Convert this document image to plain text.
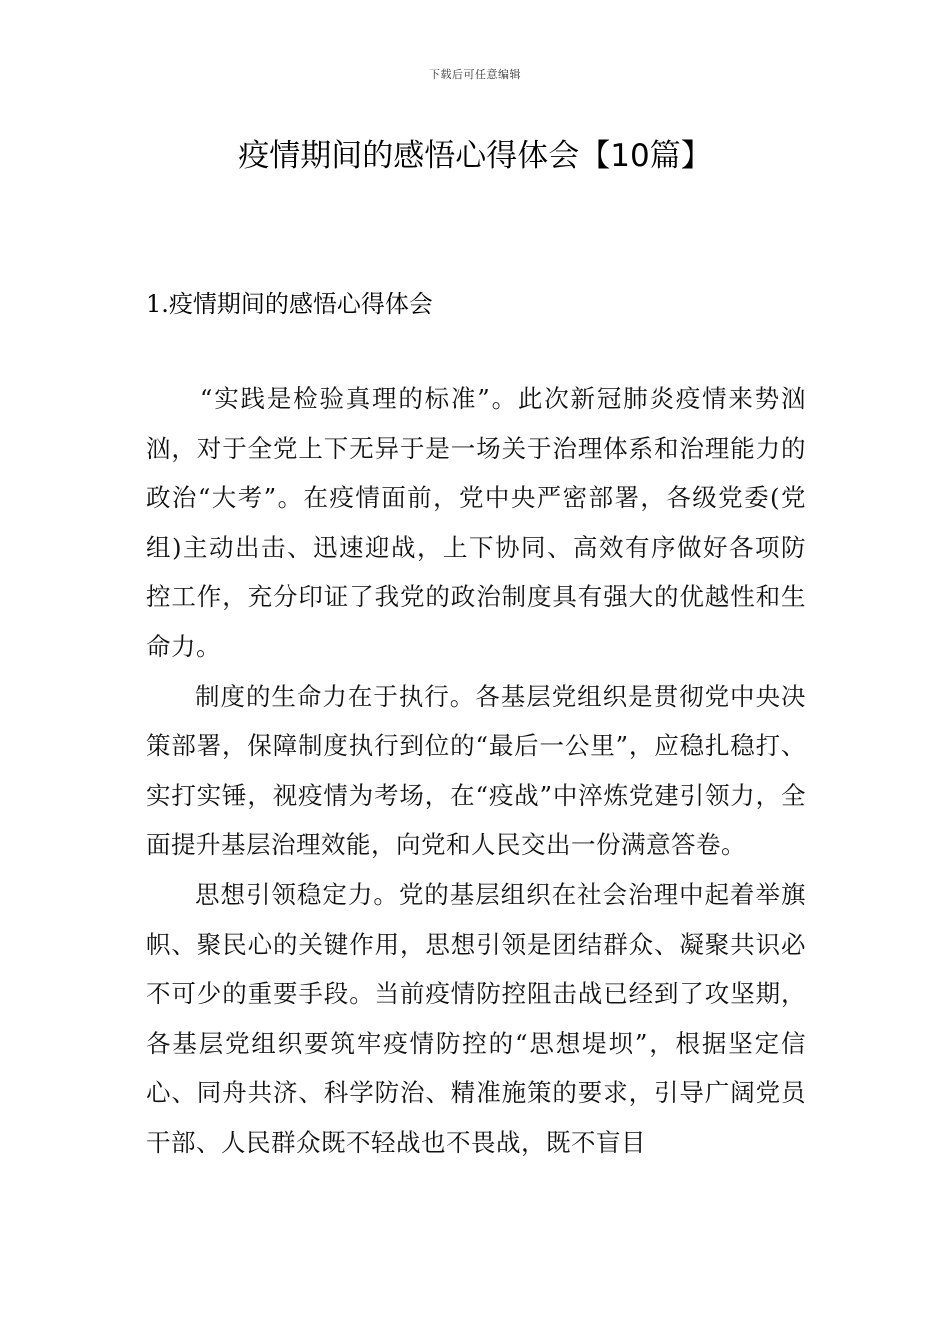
下载后可任意编辑
疫情期间的感悟心得体会【10篇】
1.疫情期间的感悟心得体会

“实践是检验真理的标准”。此次新冠肺炎疫情来势汹汹，对于全党上下无异于是一场关于治理体系和治理能力的政治“大考”。在疫情面前，党中央严密部署，各级党委(党组)主动出击、迅速迎战，上下协同、高效有序做好各项防控工作，充分印证了我党的政治制度具有强大的优越性和生命力。

制度的生命力在于执行。各基层党组织是贯彻党中央决策部署，保障制度执行到位的“最后一公里”，应稳扎稳打、实打实锤，视疫情为考场，在“疫战”中淬炼党建引领力，全面提升基层治理效能，向党和人民交出一份满意答卷。

思想引领稳定力。党的基层组织在社会治理中起着举旗帜、聚民心的关键作用，思想引领是团结群众、凝聚共识必不可少的重要手段。当前疫情防控阻击战已经到了攻坚期，各基层党组织要筑牢疫情防控的“思想堤坝”，根据坚定信心、同舟共济、科学防治、精准施策的要求，引导广阔党员干部、人民群众既不轻战也不畏战，既不盲目
